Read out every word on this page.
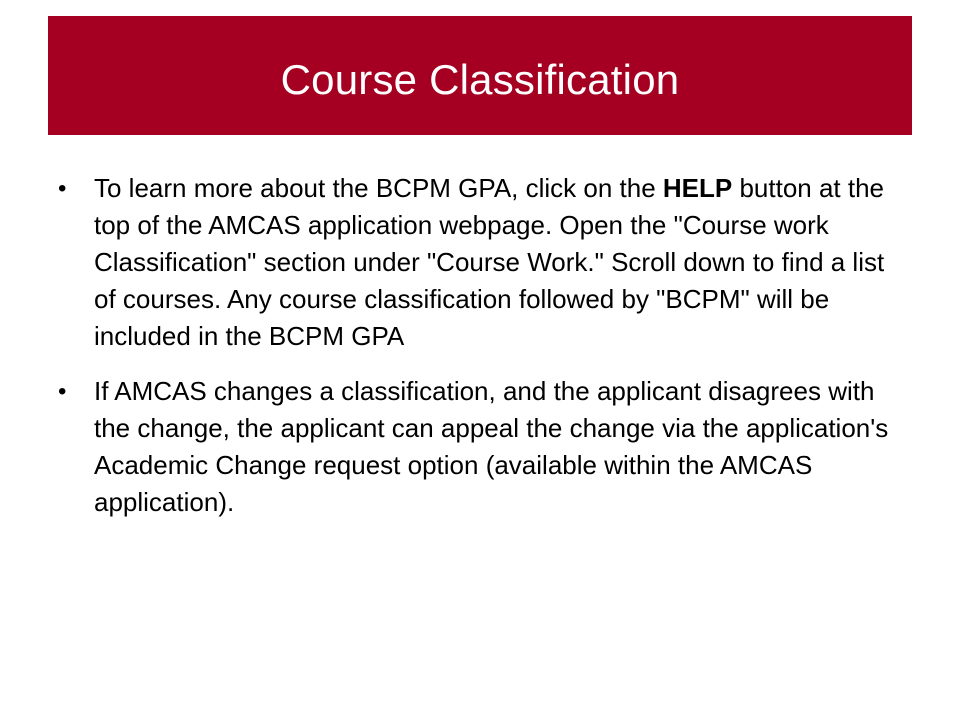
Course Classification
•	To learn more about the BCPM GPA, click on the HELP button at the top of the AMCAS application webpage. Open the "Course work Classification" section under "Course Work." Scroll down to find a list of courses. Any course classification followed by "BCPM" will be included in the BCPM GPA
•	If AMCAS changes a classification, and the applicant disagrees with the change, the applicant can appeal the change via the application's Academic Change request option (available within the AMCAS application).
